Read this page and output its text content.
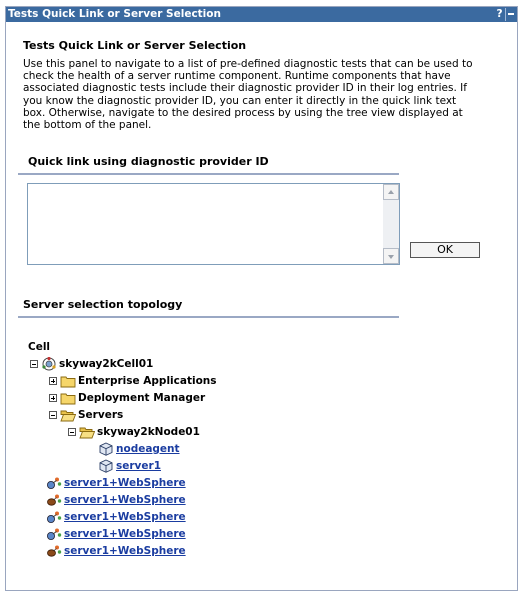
Tests Quick Link or Server Selection	?
Tests Quick Link or Server Selection
Use this panel to navigate to a list of pre-defined diagnostic tests that can be used to
check the health of a server runtime component. Runtime components that have
associated diagnostic tests include their diagnostic provider ID in their log entries. If
you know the diagnostic provider ID, you can enter it directly in the quick link text
box. Otherwise, navigate to the desired process by using the tree view displayed at
the bottom of the panel.
Quick link using diagnostic provider ID
OK
Server selection topology
Cell
skyway2kCell01
Enterprise Applications
Deployment Manager
Servers
skyway2kNode01
nodeagent
server1
server1+WebSphere
server1+WebSphere
server1+WebSphere
server1+WebSphere
server1+WebSphere
